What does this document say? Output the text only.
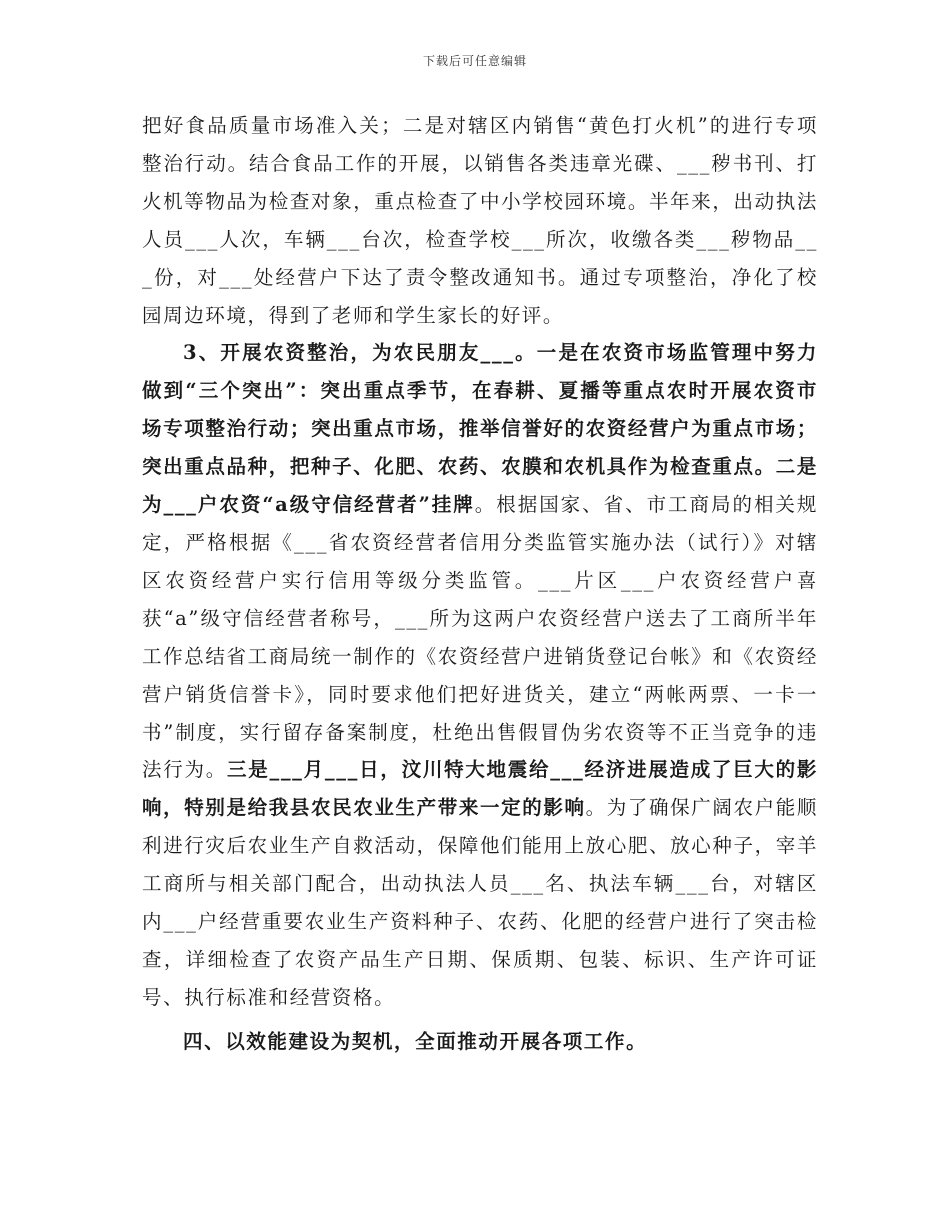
下载后可任意编辑

把好食品质量市场准入关；二是对辖区内销售“黄色打火机”的进行专项整治行动。结合食品工作的开展，以销售各类违章光碟、___秽书刊、打火机等物品为检查对象，重点检查了中小学校园环境。半年来，出动执法人员___人次，车辆___台次，检查学校___所次，收缴各类___秽物品___份，对___处经营户下达了责令整改通知书。通过专项整治，净化了校园周边环境，得到了老师和学生家长的好评。

3、开展农资整治，为农民朋友___。一是在农资市场监管理中努力做到“三个突出”：突出重点季节，在春耕、夏播等重点农时开展农资市场专项整治行动；突出重点市场，推举信誉好的农资经营户为重点市场；突出重点品种，把种子、化肥、农药、农膜和农机具作为检查重点。二是为___户农资“a级守信经营者”挂牌。根据国家、省、市工商局的相关规定，严格根据《___省农资经营者信用分类监管实施办法（试行）》对辖区农资经营户实行信用等级分类监管。___片区___户农资经营户喜获“a”级守信经营者称号，___所为这两户农资经营户送去了工商所半年工作总结省工商局统一制作的《农资经营户进销货登记台帐》和《农资经营户销货信誉卡》，同时要求他们把好进货关，建立“两帐两票、一卡一书”制度，实行留存备案制度，杜绝出售假冒伪劣农资等不正当竞争的违法行为。三是___月___日，汶川特大地震给___经济进展造成了巨大的影响，特别是给我县农民农业生产带来一定的影响。为了确保广阔农户能顺利进行灾后农业生产自救活动，保障他们能用上放心肥、放心种子，宰羊工商所与相关部门配合，出动执法人员___名、执法车辆___台，对辖区内___户经营重要农业生产资料种子、农药、化肥的经营户进行了突击检查，详细检查了农资产品生产日期、保质期、包装、标识、生产许可证号、执行标准和经营资格。

四、以效能建设为契机，全面推动开展各项工作。
